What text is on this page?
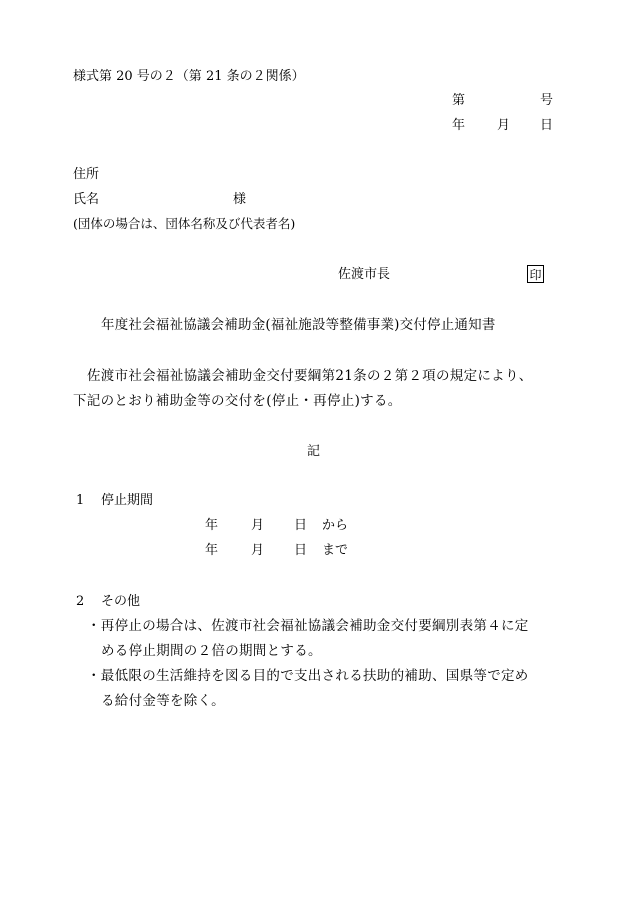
様式第 20 号の２（第 21 条の２関係）
第	号
年 月 日
住所
氏名	様
(団体の場合は、団体名称及び代表者名)
佐渡市長	印
年度社会福祉協議会補助金(福祉施設等整備事業)交付停止通知書
佐渡市社会福祉協議会補助金交付要綱第21条の２第２項の規定により、
下記のとおり補助金等の交付を(停止・再停止)する。
記
1 停止期間
年	月 日 から
年	月 日 まで
2 その他
・再停止の場合は、佐渡市社会福祉協議会補助金交付要綱別表第４に定
める停止期間の２倍の期間とする。
・最低限の生活維持を図る目的で支出される扶助的補助、国県等で定め
る給付金等を除く。
